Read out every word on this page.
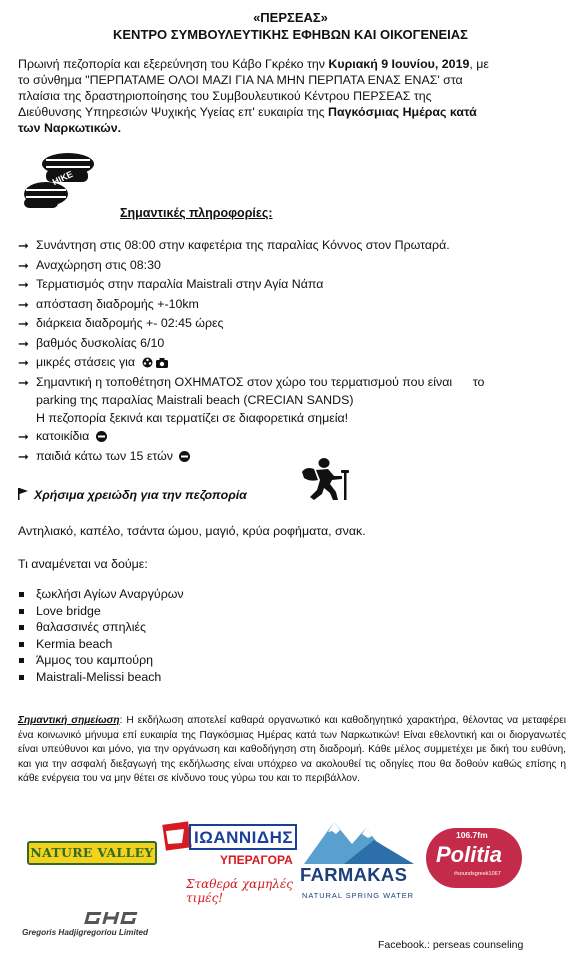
«ΠΕΡΣΕΑΣ»
ΚΕΝΤΡΟ ΣΥΜΒΟΥΛΕΥΤΙΚΗΣ ΕΦΗΒΩΝ ΚΑΙ ΟΙΚΟΓΕΝΕΙΑΣ
Πρωινή πεζοπορία και εξερεύνηση του Κάβο Γκρέκο την Κυριακή 9 Ιουνίου, 2019, με
το σύνθημα "ΠΕΡΠΑΤΑΜΕ ΟΛΟΙ ΜΑΖΙ ΓΙΑ ΝΑ ΜΗΝ ΠΕΡΠΑΤΑ ΕΝΑΣ ΕΝΑΣ' στα
πλαίσια της δραστηριοποίησης του Συμβουλευτικού Κέντρου ΠΕΡΣΕΑΣ της
Διεύθυνσης Υπηρεσιών Ψυχικής Υγείας επ' ευκαιρία της Παγκόσμιας Ημέρας κατά
των Ναρκωτικών.
HIKE
Σημαντικές πληροφορίες:
➞ Συνάντηση στις 08:00 στην καφετέρια της παραλίας Κόννος στον Πρωταρά.
➞ Αναχώρηση στις 08:30
➞ Τερματισμός στην παραλία Maistrali στην Αγία Νάπα
➞ απόσταση διαδρομής +-10km
➞ διάρκεια διαδρομής +- 02:45 ώρες
➞ βαθμός δυσκολίας 6/10
➞ μικρές στάσεις για
➞ Σημαντική η τοποθέτηση ΟΧΗΜΑΤΟΣ στον χώρο του τερματισμού που είναι      το
parking της παραλίας Maistrali beach (CRECIAN SANDS)
Η πεζοπορία ξεκινά και τερματίζει σε διαφορετικά σημεία!
➞ κατοικίδια
➞ παιδιά κάτω των 15 ετών
Χρήσιμα χρειώδη για την πεζοπορία
Αντηλιακό, καπέλο, τσάντα ώμου, μαγιό, κρύα ροφήματα, σνακ.
Τι αναμένεται να δούμε:
ξωκλήσι Αγίων Αναργύρων
Love bridge
θαλασσινές σπηλιές
Kermia beach
Άμμος του καμπούρη
Maistrali-Melissi beach
Σημαντική σημείωση: Η εκδήλωση αποτελεί καθαρά οργανωτικό και καθοδηγητικό χαρακτήρα, θέλοντας να μεταφέρει ένα κοινωνικό μήνυμα επί ευκαιρία της Παγκόσμιας Ημέρας κατά των Ναρκωτικών! Είναι εθελοντική και οι διοργανωτές είναι υπεύθυνοι και μόνο, για την οργάνωση και καθοδήγηση στη διαδρομή. Κάθε μέλος συμμετέχει με δική του ευθύνη, και για την ασφαλή διεξαγωγή της εκδήλωσης είναι υπόχρεο να ακολουθεί τις οδηγίες που θα δοθούν καθώς επίσης η κάθε ενέργεια του να μην θέτει σε κίνδυνο τους γύρω του και το περιβάλλον.
NATURE VALLEY
ΙΩΑΝΝΙΔΗΣ
ΥΠΕΡΑΓΟΡΑ
Σταθερά χαμηλές τιμές!
FARMAKAS
NATURAL SPRING WATER
106.7fm
Politia
#soundsgreek1067
Gregoris Hadjigregoriou Limited
Facebook.: perseas counseling
